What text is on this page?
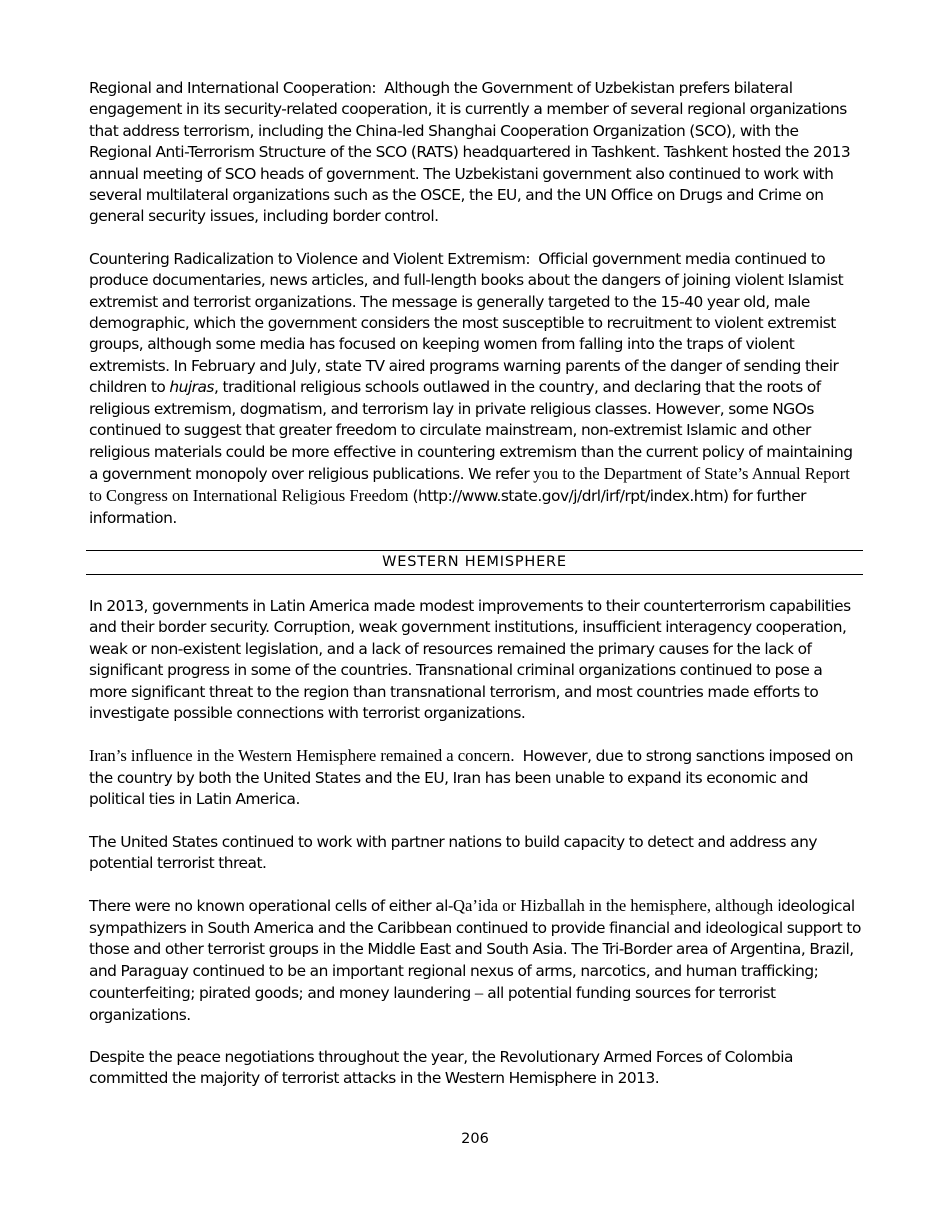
Regional and International Cooperation: Although the Government of Uzbekistan prefers bilateral engagement in its security-related cooperation, it is currently a member of several regional organizations that address terrorism, including the China-led Shanghai Cooperation Organization (SCO), with the Regional Anti-Terrorism Structure of the SCO (RATS) headquartered in Tashkent. Tashkent hosted the 2013 annual meeting of SCO heads of government. The Uzbekistani government also continued to work with several multilateral organizations such as the OSCE, the EU, and the UN Office on Drugs and Crime on general security issues, including border control.

Countering Radicalization to Violence and Violent Extremism: Official government media continued to produce documentaries, news articles, and full-length books about the dangers of joining violent Islamist extremist and terrorist organizations. The message is generally targeted to the 15-40 year old, male demographic, which the government considers the most susceptible to recruitment to violent extremist groups, although some media has focused on keeping women from falling into the traps of violent extremists. In February and July, state TV aired programs warning parents of the danger of sending their children to hujras, traditional religious schools outlawed in the country, and declaring that the roots of religious extremism, dogmatism, and terrorism lay in private religious classes. However, some NGOs continued to suggest that greater freedom to circulate mainstream, non-extremist Islamic and other religious materials could be more effective in countering extremism than the current policy of maintaining a government monopoly over religious publications. We refer you to the Department of State’s Annual Report to Congress on International Religious Freedom (http://www.state.gov/j/drl/irf/rpt/index.htm) for further information.

WESTERN HEMISPHERE

In 2013, governments in Latin America made modest improvements to their counterterrorism capabilities and their border security. Corruption, weak government institutions, insufficient interagency cooperation, weak or non-existent legislation, and a lack of resources remained the primary causes for the lack of significant progress in some of the countries. Transnational criminal organizations continued to pose a more significant threat to the region than transnational terrorism, and most countries made efforts to investigate possible connections with terrorist organizations.

Iran’s influence in the Western Hemisphere remained a concern. However, due to strong sanctions imposed on the country by both the United States and the EU, Iran has been unable to expand its economic and political ties in Latin America.

The United States continued to work with partner nations to build capacity to detect and address any potential terrorist threat.

There were no known operational cells of either al-Qa’ida or Hizballah in the hemisphere, although ideological sympathizers in South America and the Caribbean continued to provide financial and ideological support to those and other terrorist groups in the Middle East and South Asia. The Tri-Border area of Argentina, Brazil, and Paraguay continued to be an important regional nexus of arms, narcotics, and human trafficking; counterfeiting; pirated goods; and money laundering – all potential funding sources for terrorist organizations.

Despite the peace negotiations throughout the year, the Revolutionary Armed Forces of Colombia committed the majority of terrorist attacks in the Western Hemisphere in 2013.

206
